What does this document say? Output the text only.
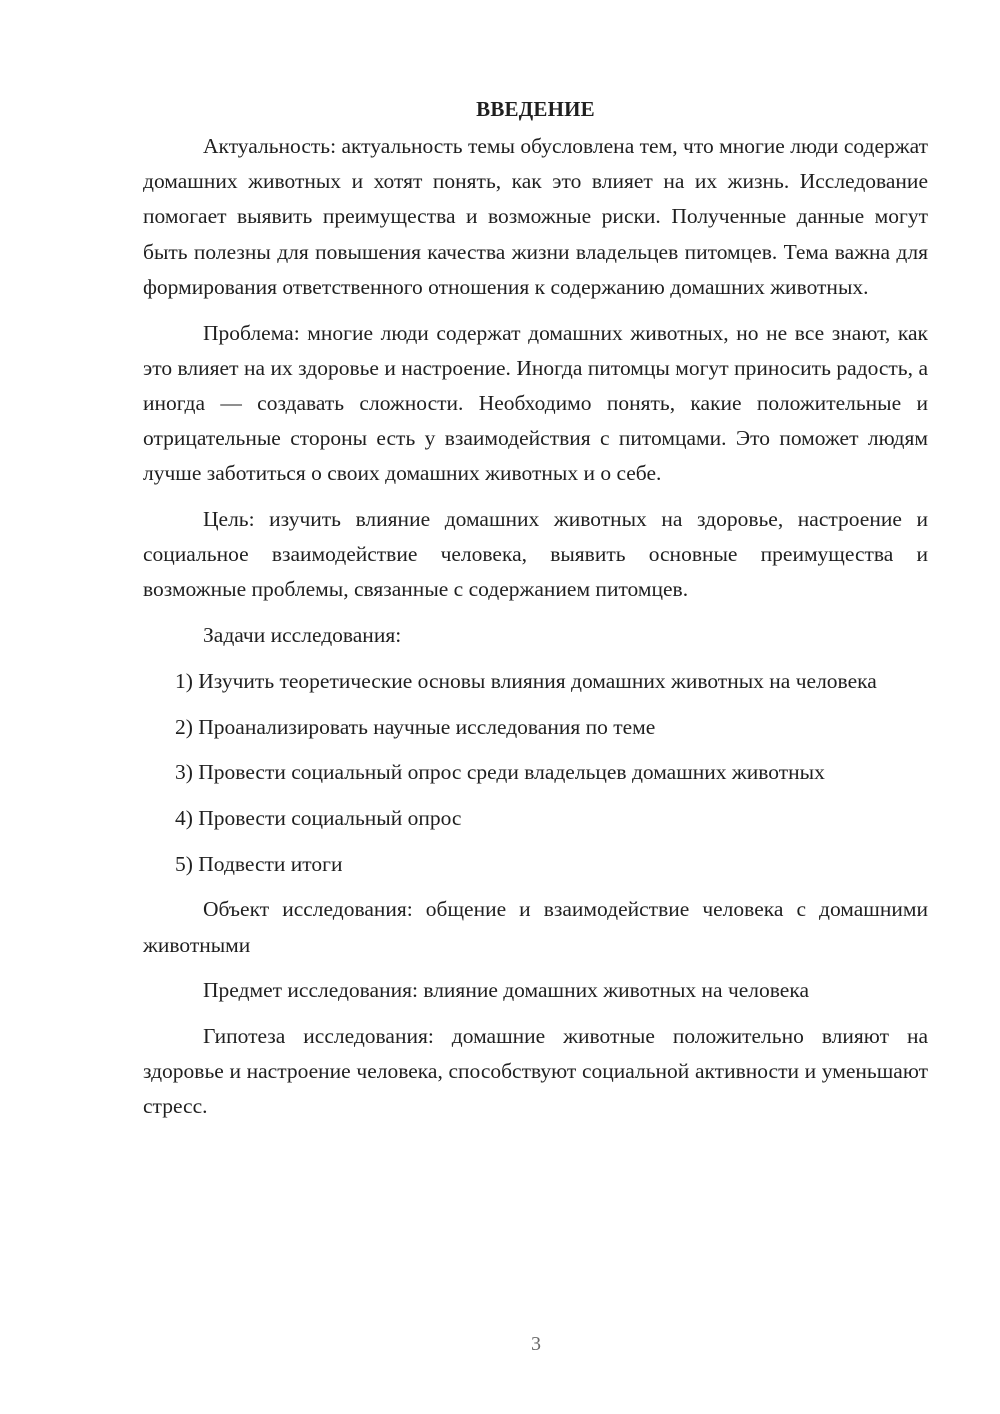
ВВЕДЕНИЕ

Актуальность: актуальность темы обусловлена тем, что многие люди содержат домашних животных и хотят понять, как это влияет на их жизнь. Исследование помогает выявить преимущества и возможные риски. Полученные данные могут быть полезны для повышения качества жизни владельцев питомцев. Тема важна для формирования ответственного отношения к содержанию домашних животных.

Проблема: многие люди содержат домашних животных, но не все знают, как это влияет на их здоровье и настроение. Иногда питомцы могут приносить радость, а иногда — создавать сложности. Необходимо понять, какие положительные и отрицательные стороны есть у взаимодействия с питомцами. Это поможет людям лучше заботиться о своих домашних животных и о себе.

Цель: изучить влияние домашних животных на здоровье, настроение и социальное взаимодействие человека, выявить основные преимущества и возможные проблемы, связанные с содержанием питомцев.

Задачи исследования:

1) Изучить теоретические основы влияния домашних животных на человека

2) Проанализировать научные исследования по теме

3) Провести социальный опрос среди владельцев домашних животных

4) Провести социальный опрос

5) Подвести итоги

Объект исследования: общение и взаимодействие человека с домашними животными

Предмет исследования: влияние домашних животных на человека

Гипотеза исследования: домашние животные положительно влияют на здоровье и настроение человека, способствуют социальной активности и уменьшают стресс.

3
